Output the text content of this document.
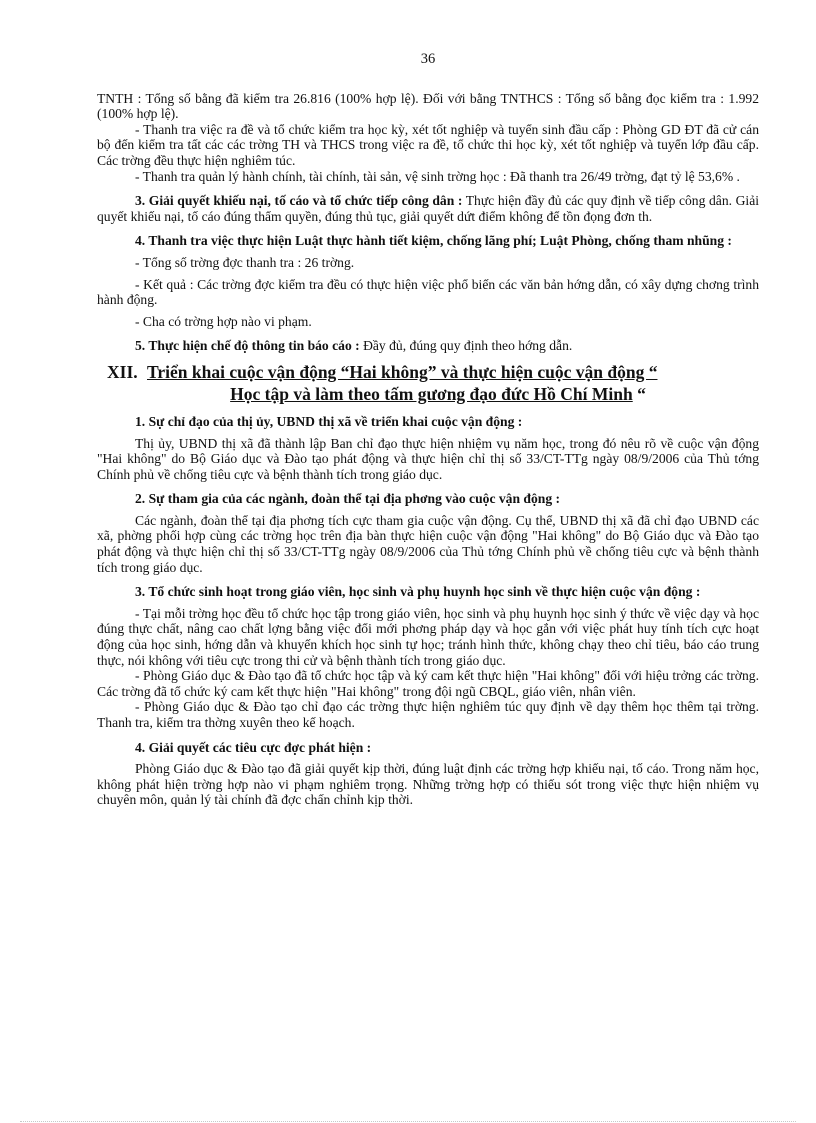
36

TNTH : Tổng số bằng đã kiểm tra 26.816 (100% hợp lệ). Đối với bằng TNTHCS : Tổng số bằng đọc kiểm tra : 1.992 (100% hợp lệ).

- Thanh tra việc ra đề và tổ chức kiểm tra học kỳ, xét tốt nghiệp và tuyển sinh đầu cấp : Phòng GD ĐT đã cử cán bộ đến kiểm tra tất các các trờng TH và THCS trong việc ra đề, tổ chức thi học kỳ, xét tốt nghiệp và tuyển lớp đầu cấp. Các trờng đều thực hiện nghiêm túc.

- Thanh tra quản lý hành chính, tài chính, tài sản, vệ sinh trờng học : Đã thanh tra 26/49 trờng, đạt tỷ lệ 53,6% .

3. Giải quyết khiếu nại, tố cáo và tổ chức tiếp công dân : Thực hiện đầy đủ các quy định về tiếp công dân. Giải quyết khiếu nại, tố cáo đúng thẩm quyền, đúng thủ tục, giải quyết dứt điểm không để tồn đọng đơn th.

4. Thanh tra việc thực hiện Luật thực hành tiết kiệm, chống lãng phí; Luật Phòng, chống tham nhũng :

- Tổng số trờng đợc thanh tra : 26 trờng.

- Kết quả : Các trờng đợc kiểm tra đều có thực hiện việc phổ biến các văn bản hớng dẫn, có xây dựng chơng trình hành động.

- Cha có trờng hợp nào vi phạm.

5. Thực hiện chế độ thông tin báo cáo : Đầy đủ, đúng quy định theo hớng dẫn.

XII. Triển khai cuộc vận động “Hai không” và thực hiện cuộc vận động “
Học tập và làm theo tấm gương đạo đức Hồ Chí Minh “

1. Sự chỉ đạo của thị ủy, UBND thị xã về triển khai cuộc vận động :

Thị ủy, UBND thị xã đã thành lập Ban chỉ đạo thực hiện nhiệm vụ năm học, trong đó nêu rõ về cuộc vận động "Hai không" do Bộ Giáo dục và Đào tạo phát động và thực hiện chỉ thị số 33/CT-TTg ngày 08/9/2006 của Thủ tớng Chính phủ về chống tiêu cực và bệnh thành tích trong giáo dục.

2. Sự tham gia của các ngành, đoàn thể tại địa phơng vào cuộc vận động :

Các ngành, đoàn thể tại địa phơng tích cực tham gia cuộc vận động. Cụ thể, UBND thị xã đã chỉ đạo UBND các xã, phờng phối hợp cùng các trờng học trên địa bàn thực hiện cuộc vận động "Hai không" do Bộ Giáo dục và Đào tạo phát động và thực hiện chỉ thị số 33/CT-TTg ngày 08/9/2006 của Thủ tớng Chính phủ về chống tiêu cực và bệnh thành tích trong giáo dục.

3. Tổ chức sinh hoạt trong giáo viên, học sinh và phụ huynh học sinh về thực hiện cuộc vận động :

- Tại mỗi trờng học đều tổ chức học tập trong giáo viên, học sinh và phụ huynh học sinh ý thức về việc dạy và học đúng thực chất, nâng cao chất lợng bằng việc đổi mới phơng pháp dạy và học gắn với việc phát huy tính tích cực hoạt động của học sinh, hớng dẫn và khuyến khích học sinh tự học; tránh hình thức, không chạy theo chỉ tiêu, báo cáo trung thực, nói không với tiêu cực trong thi cử và bệnh thành tích trong giáo dục.

- Phòng Giáo dục & Đào tạo đã tổ chức học tập và ký cam kết thực hiện "Hai không" đối với hiệu trởng các trờng. Các trờng đã tổ chức ký cam kết thực hiện "Hai không" trong đội ngũ CBQL, giáo viên, nhân viên.

- Phòng Giáo dục & Đào tạo chỉ đạo các trờng thực hiện nghiêm túc quy định về dạy thêm học thêm tại trờng. Thanh tra, kiểm tra thờng xuyên theo kế hoạch.

4. Giải quyết các tiêu cực đợc phát hiện :

Phòng Giáo dục & Đào tạo đã giải quyết kịp thời, đúng luật định các trờng hợp khiếu nại, tố cáo. Trong năm học, không phát hiện trờng hợp nào vi phạm nghiêm trọng. Những trờng hợp có thiếu sót trong việc thực hiện nhiệm vụ chuyên môn, quản lý tài chính đã đợc chấn chỉnh kịp thời.
